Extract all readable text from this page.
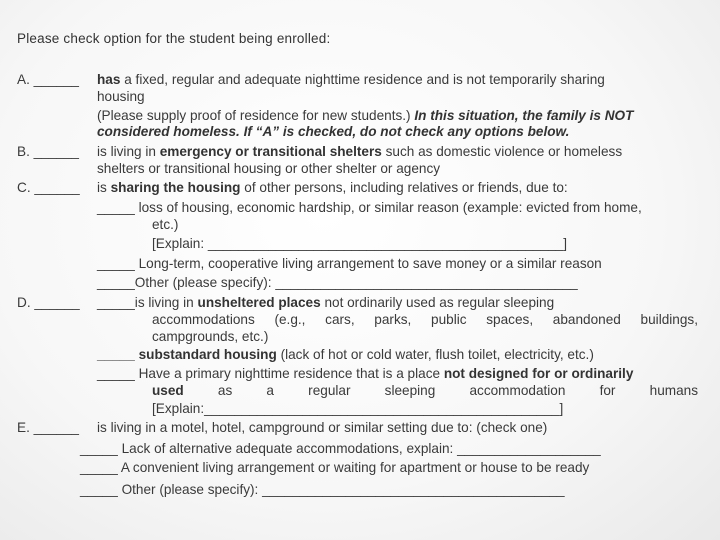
Please check option for the student being enrolled:
A. ______ has a fixed, regular and adequate nighttime residence and is not temporarily sharing
housing
(Please supply proof of residence for new students.) In this situation, the family is NOT
considered homeless. If “A” is checked, do not check any options below.
B. ______ is living in emergency or transitional shelters such as domestic violence or homeless
shelters or transitional housing or other shelter or agency
C. ______ is sharing the housing of other persons, including relatives or friends, due to:
_____ loss of housing, economic hardship, or similar reason (example: evicted from home,
etc.)
[Explain: _______________________________________________]
_____ Long-term, cooperative living arrangement to save money or a similar reason
_____Other (please specify): ________________________________________
D. ______ _____is living in unsheltered places not ordinarily used as regular sleeping
accommodations (e.g., cars, parks, public spaces, abandoned buildings,
campgrounds, etc.)
_____ substandard housing (lack of hot or cold water, flush toilet, electricity, etc.)
_____ Have a primary nighttime residence that is a place not designed for or ordinarily
used as a regular sleeping accommodation for humans
[Explain:_______________________________________________]
E. ______ is living in a motel, hotel, campground or similar setting due to: (check one)
_____ Lack of alternative adequate accommodations, explain: ___________________
_____ A convenient living arrangement or waiting for apartment or house to be ready
_____ Other (please specify): ________________________________________
